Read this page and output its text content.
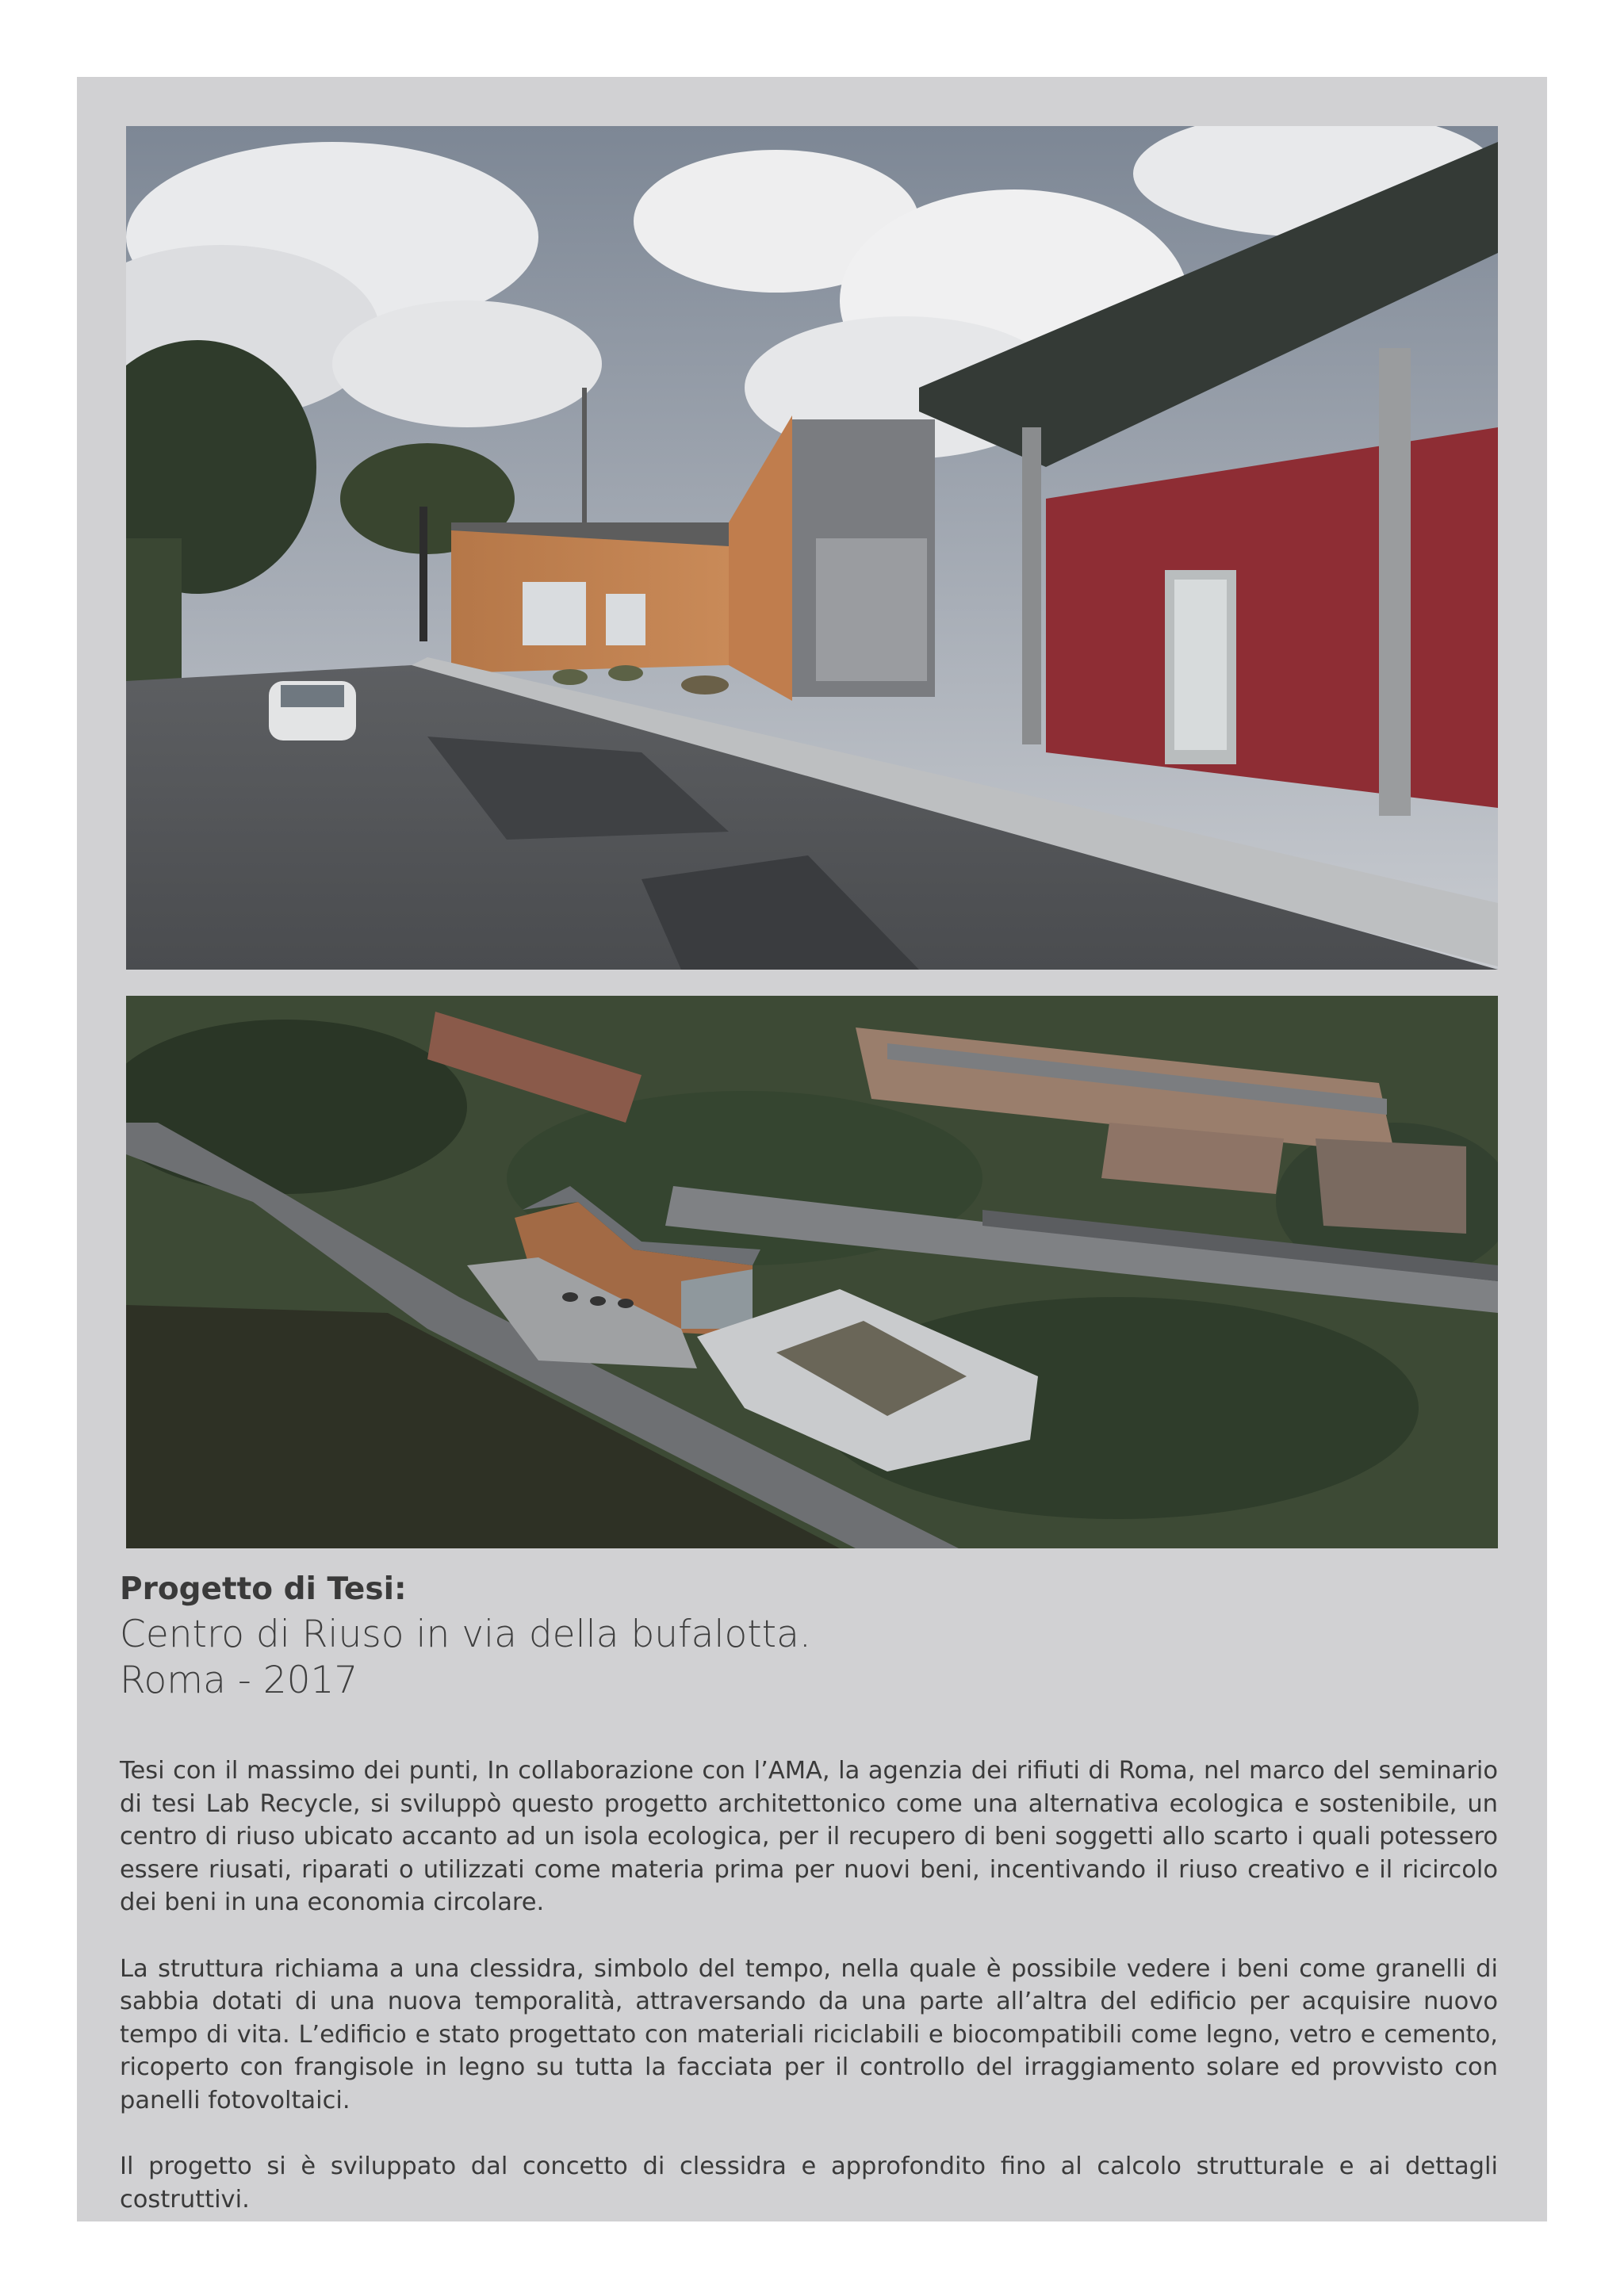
Progetto di Tesi:
Centro di Riuso in via della bufalotta.
Roma - 2017

Tesi con il massimo dei punti, In collaborazione con l’AMA, la agenzia dei rifiuti di Roma, nel marco del seminario di tesi Lab Recycle, si sviluppò questo progetto architettonico come una alternativa ecologica e sostenibile, un centro di riuso ubicato accanto ad un isola ecologica, per il recupero di beni soggetti allo scarto i quali potessero essere riusati, riparati o utilizzati come materia prima per nuovi beni, incentivando il riuso creativo e il ricircolo dei beni in una economia circolare.

La struttura richiama a una clessidra, simbolo del tempo, nella quale è possibile vedere i beni come granelli di sabbia dotati di una nuova temporalità, attraversando da una parte all’altra del edificio per acquisire nuovo tempo di vita. L’edificio e stato progettato con materiali riciclabili e biocompatibili come legno, vetro e cemento, ricoperto con frangisole in legno su tutta la facciata per il controllo del irraggiamento solare ed provvisto con panelli fotovoltaici.

Il progetto si è sviluppato dal concetto di clessidra e approfondito fino al calcolo strutturale e ai dettagli costruttivi.
